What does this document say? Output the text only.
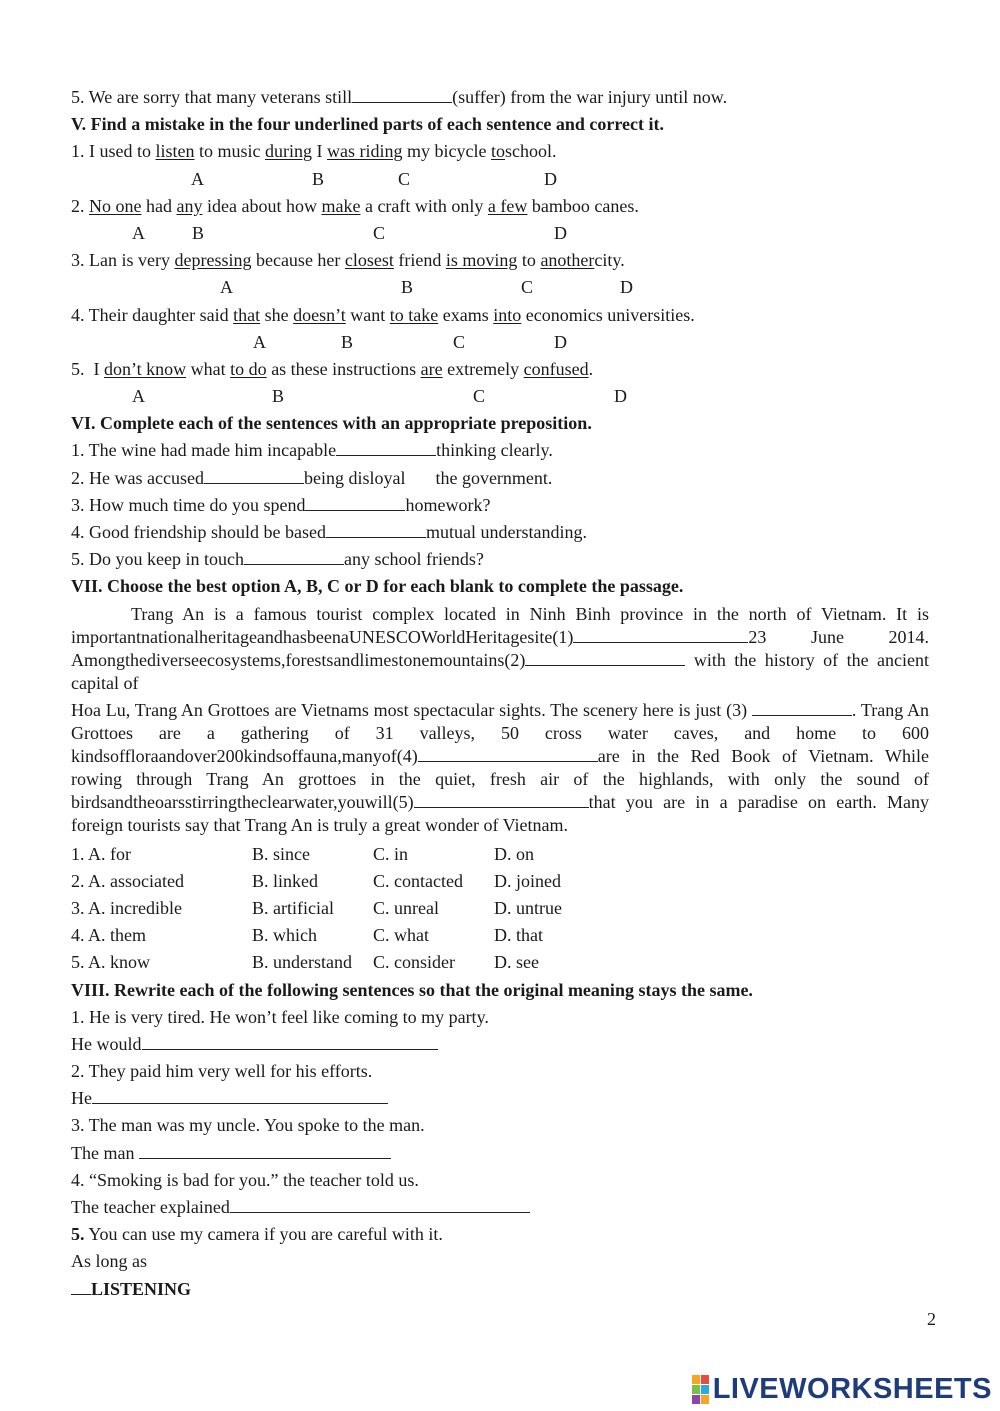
5. We are sorry that many veterans still	(suffer) from the war injury until now.
V. Find a mistake in the four underlined parts of each sentence and correct it.
1. I used to listen to music during I was riding my bicycle toschool.
A	B	C	D
2. No one had any idea about how make a craft with only a few bamboo canes.
A	B	C	D
3. Lan is very depressing because her closest friend is moving to anothercity.
A	B	C	D
4. Their daughter said that she doesn’t want to take exams into economics universities.
A	B	C	D
5.  I don’t know what to do as these instructions are extremely confused.
A	B	C	D
VI. Complete each of the sentences with an appropriate preposition.
1. The wine had made him incapable	thinking clearly.
2. He was accused	being disloyal the government.
3. How much time do you spend	homework?
4. Good friendship should be based	mutual understanding.
5. Do you keep in touch	any school friends?
VII. Choose the best option A, B, C or D for each blank to complete the passage.
Trang An is a famous tourist complex located in Ninh Binh province in the north of Vietnam. It is importantnationalheritageandhasbeenaUNESCOWorldHeritagesite(1)	23 June 2014. Amongthediverseecosystems,forestsandlimestonemountains(2)	with the history of the ancient capital of
Hoa Lu, Trang An Grottoes are Vietnams most spectacular sights. The scenery here is just (3)	. Trang An Grottoes are a gathering of 31 valleys, 50 cross water caves, and home to 600 kindsoffloraandover200kindsoffauna,manyof(4)	are in the Red Book of Vietnam. While rowing through Trang An grottoes in the quiet, fresh air of the highlands, with only the sound of birdsandtheoarsstirringtheclearwater,youwill(5)	that you are in a paradise on earth. Many foreign tourists say that Trang An is truly a great wonder of Vietnam.
1. A. for	B. since	C. in	D. on
2. A. associated	B. linked	C. contacted D. joined
3. A. incredible	B. artificial C. unreal	D. untrue
4. A. them	B. which	C. what	D. that
5. A. know	B. understand C. consider D. see
VIII. Rewrite each of the following sentences so that the original meaning stays the same.
1. He is very tired. He won’t feel like coming to my party.
He would
2. They paid him very well for his efforts.
He
3. The man was my uncle. You spoke to the man.
The man
4. “Smoking is bad for you.” the teacher told us.
The teacher explained
5. You can use my camera if you are careful with it.
As long as
LISTENING
2
LIVEWORKSHEETS
